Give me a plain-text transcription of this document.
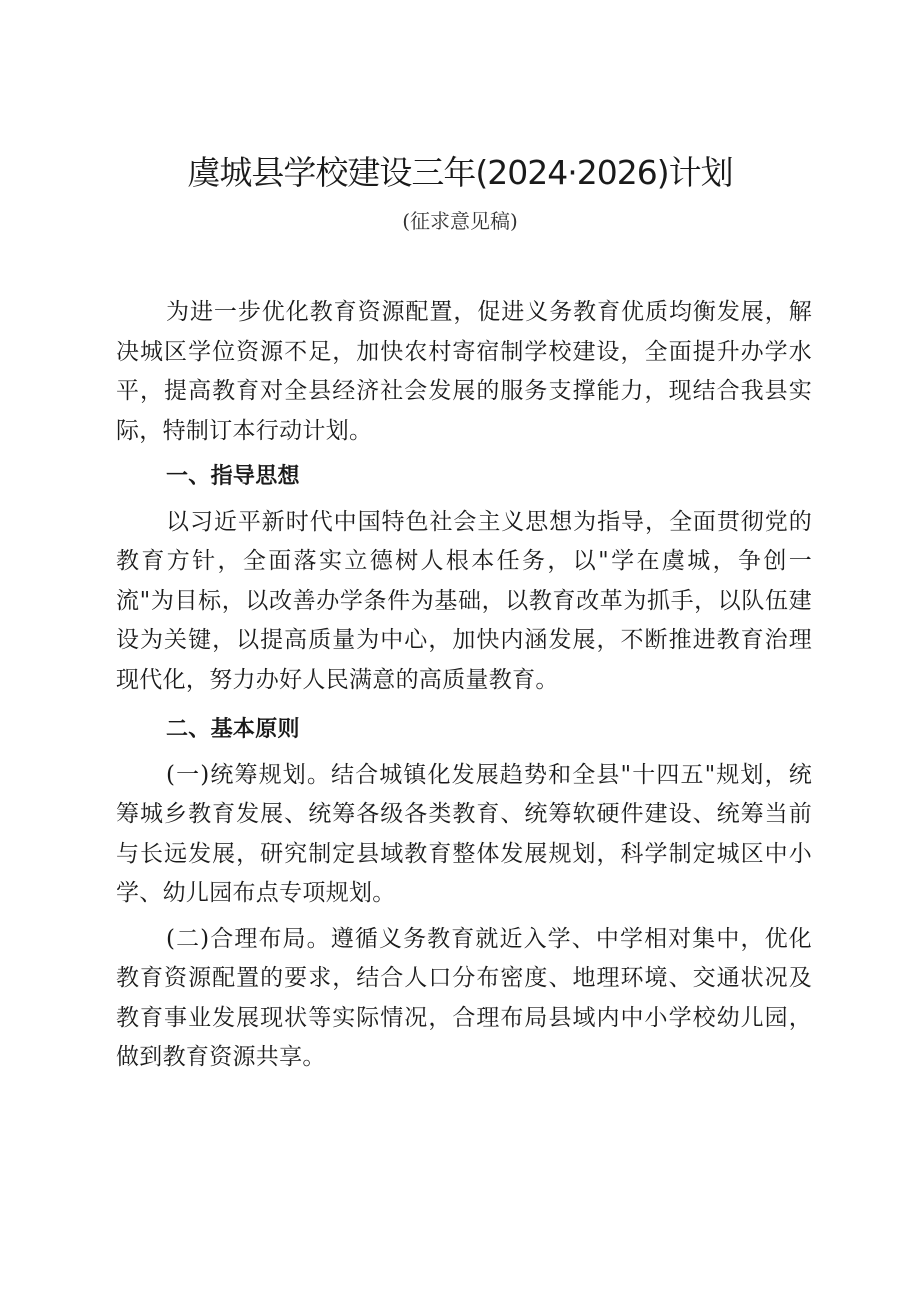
虞城县学校建设三年(2024·2026)计划
(征求意见稿)

为进一步优化教育资源配置，促进义务教育优质均衡发展，解决城区学位资源不足，加快农村寄宿制学校建设，全面提升办学水平，提高教育对全县经济社会发展的服务支撑能力，现结合我县实际，特制订本行动计划。

一、指导思想

以习近平新时代中国特色社会主义思想为指导，全面贯彻党的教育方针，全面落实立德树人根本任务，以"学在虞城，争创一流"为目标，以改善办学条件为基础，以教育改革为抓手，以队伍建设为关键，以提高质量为中心，加快内涵发展，不断推进教育治理现代化，努力办好人民满意的高质量教育。

二、基本原则

(一)统筹规划。结合城镇化发展趋势和全县"十四五"规划，统筹城乡教育发展、统筹各级各类教育、统筹软硬件建设、统筹当前与长远发展，研究制定县域教育整体发展规划，科学制定城区中小学、幼儿园布点专项规划。

(二)合理布局。遵循义务教育就近入学、中学相对集中，优化教育资源配置的要求，结合人口分布密度、地理环境、交通状况及教育事业发展现状等实际情况，合理布局县域内中小学校幼儿园，做到教育资源共享。
